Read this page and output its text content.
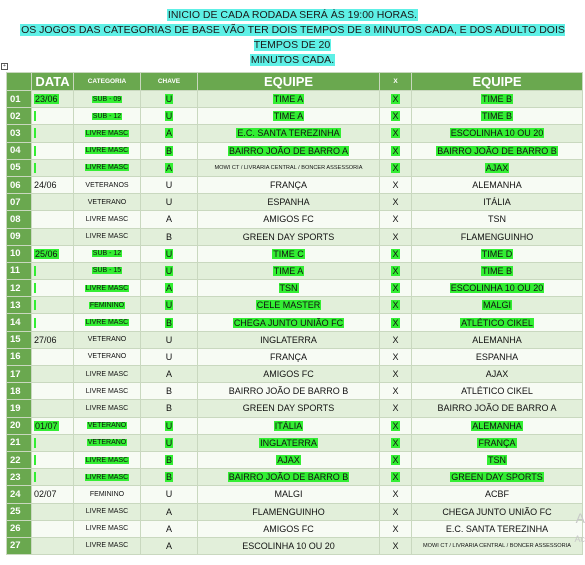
INICIO DE CADA RODADA SERÁ ÀS 19:00 HORAS.
OS JOGOS DAS CATEGORIAS DE BASE VÃO TER DOIS TEMPOS DE 8 MINUTOS CADA, E DOS ADULTO DOIS TEMPOS DE 20
MINUTOS CADA.
+
	DATA	CATEGORIA	CHAVE	EQUIPE	X	EQUIPE
01	23/06	SUB - 09	U	TIME A	X	TIME B
02		SUB - 12	U	TIME A	X	TIME B
03		LIVRE MASC	A	E.C. SANTA TEREZINHA	X	ESCOLINHA 10 OU 20
04		LIVRE MASC	B	BAIRRO JOÃO DE BARRO A	X	BAIRRO JOÃO DE BARRO B
05		LIVRE MASC	A	MOWI CT / LIVRARIA CENTRAL / BONCER ASSESSORIA	X	AJAX
06	24/06	VETERANOS	U	FRANÇA	X	ALEMANHA
07		VETERANO	U	ESPANHA	X	ITÁLIA
08		LIVRE MASC	A	AMIGOS FC	X	TSN
09		LIVRE MASC	B	GREEN DAY SPORTS	X	FLAMENGUINHO
10	25/06	SUB - 12	U	TIME C	X	TIME D
11		SUB - 15	U	TIME A	X	TIME B
12		LIVRE MASC	A	TSN	X	ESCOLINHA 10 OU 20
13		FEMININO	U	CELE MASTER	X	MALGI
14		LIVRE MASC	B	CHEGA JUNTO UNIÃO FC	X	ATLÉTICO CIKEL
15	27/06	VETERANO	U	INGLATERRA	X	ALEMANHA
16		VETERANO	U	FRANÇA	X	ESPANHA
17		LIVRE MASC	A	AMIGOS FC	X	AJAX
18		LIVRE MASC	B	BAIRRO JOÃO DE BARRO B	X	ATLÉTICO CIKEL
19		LIVRE MASC	B	GREEN DAY SPORTS	X	BAIRRO JOÃO DE BARRO A
20	01/07	VETERANO	U	ITÁLIA	X	ALEMANHA
21		VETERANO	U	INGLATERRA	X	FRANÇA
22		LIVRE MASC	B	AJAX	X	TSN
23		LIVRE MASC	B	BAIRRO JOÃO DE BARRO B	X	GREEN DAY SPORTS
24	02/07	FEMININO	U	MALGI	X	ACBF
25		LIVRE MASC	A	FLAMENGUINHO	X	CHEGA JUNTO UNIÃO FC
26		LIVRE MASC	A	AMIGOS FC	X	E.C. SANTA TEREZINHA
27		LIVRE MASC	A	ESCOLINHA 10 OU 20	X	MOWI CT / LIVRARIA CENTRAL / BONCER ASSESSORIA
A
Ac
